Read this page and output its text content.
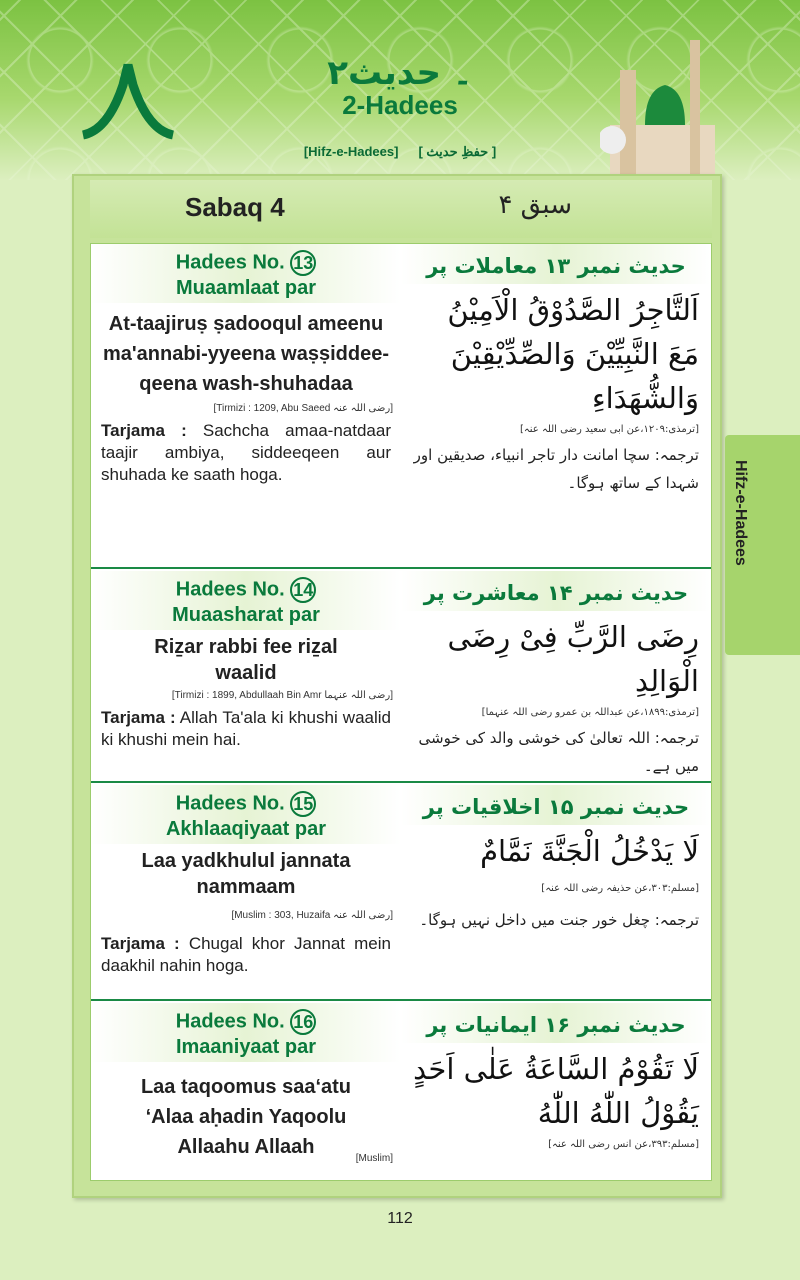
۲۔ حدیث
2-Hadees
[Hifz-e-Hadees] [ حفظِ حدیث ]
Sabaq 4	سبق ۴
Hadees No. 13
Muaamlaat par
At-taajiruṣ ṣadooqul ameenu ma'annabi-yyeena waṣṣiddee-qeena wash-shuhadaa
[Tirmizi : 1209, Abu Saeed رضی اللہ عنہ]
Tarjama : Sachcha amaa-natdaar taajir ambiya, siddeeqeen aur shuhada ke saath hoga.
حدیث نمبر ۱۳ معاملات پر
اَلتَّاجِرُ الصَّدُوْقُ الْاَمِيْنُ مَعَ النَّبِيِّيْنَ وَالصِّدِّيْقِيْنَ وَالشُّهَدَاءِ
[ترمذی:۱۲۰۹،عن ابی سعید رضی اللہ عنہ]
ترجمہ: سچا امانت دار تاجر انبیاء، صدیقین اور شہدا کے ساتھ ہوگا۔
Hadees No. 14
Muaasharat par
Riẕar rabbi fee riẕal waalid
[Tirmizi : 1899, Abdullaah Bin Amr رضی اللہ عنہما]
Tarjama : Allah Ta'ala ki khushi waalid ki khushi mein hai.
حدیث نمبر ۱۴ معاشرت پر
رِضَی الرَّبِّ فِیْ رِضَی الْوَالِدِ
[ترمذی:۱۸۹۹،عن عبداللہ بن عمرو رضی اللہ عنہما]
ترجمہ: اللہ تعالیٰ کی خوشی والد کی خوشی میں ہے۔
Hadees No. 15
Akhlaaqiyaat par
Laa yadkhulul jannata nammaam
[Muslim : 303, Huzaifa رضی اللہ عنہ]
Tarjama : Chugal khor Jannat mein daakhil nahin hoga.
حدیث نمبر ۱۵ اخلاقیات پر
لَا يَدْخُلُ الْجَنَّةَ نَمَّامٌ
[مسلم:۳۰۳،عن حذیفہ رضی اللہ عنہ]
ترجمہ: چغل خور جنت میں داخل نہیں ہوگا۔
Hadees No. 16
Imaaniyaat par
Laa taqoomus saa‘atu ‘Alaa aḥadin Yaqoolu Allaahu Allaah
[Muslim]
حدیث نمبر ۱۶ ایمانیات پر
لَا تَقُوْمُ السَّاعَةُ عَلٰی اَحَدٍ يَقُوْلُ اللّٰهُ اللّٰهُ
[مسلم:۳۹۳،عن انس رضی اللہ عنہ]
Hifz-e-Hadees
112
